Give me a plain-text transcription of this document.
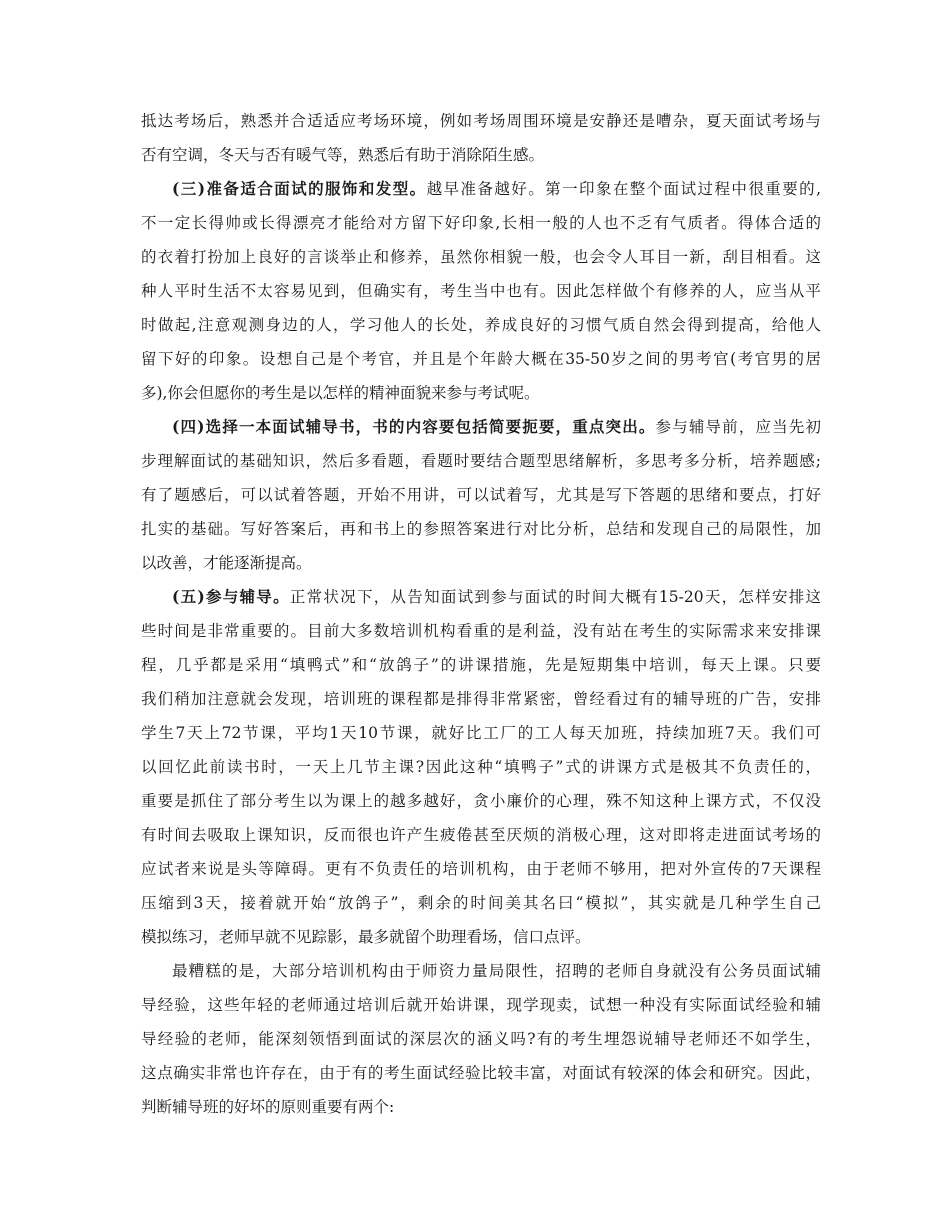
抵达考场后，熟悉并合适适应考场环境，例如考场周围环境是安静还是嘈杂，夏天面试考场与
否有空调，冬天与否有暖气等，熟悉后有助于消除陌生感。
(三)准备适合面试的服饰和发型。越早准备越好。第一印象在整个面试过程中很重要的,
不一定长得帅或长得漂亮才能给对方留下好印象,长相一般的人也不乏有气质者。得体合适的
的衣着打扮加上良好的言谈举止和修养，虽然你相貌一般，也会令人耳目一新，刮目相看。这
种人平时生活不太容易见到，但确实有，考生当中也有。因此怎样做个有修养的人，应当从平
时做起,注意观测身边的人，学习他人的长处，养成良好的习惯气质自然会得到提高，给他人
留下好的印象。设想自己是个考官，并且是个年龄大概在35-50岁之间的男考官(考官男的居
多),你会但愿你的考生是以怎样的精神面貌来参与考试呢。
(四)选择一本面试辅导书，书的内容要包括简要扼要，重点突出。参与辅导前，应当先初
步理解面试的基础知识，然后多看题，看题时要结合题型思绪解析，多思考多分析，培养题感;
有了题感后，可以试着答题，开始不用讲，可以试着写，尤其是写下答题的思绪和要点，打好
扎实的基础。写好答案后，再和书上的参照答案进行对比分析，总结和发现自己的局限性，加
以改善，才能逐渐提高。
(五)参与辅导。正常状况下，从告知面试到参与面试的时间大概有15-20天，怎样安排这
些时间是非常重要的。目前大多数培训机构看重的是利益，没有站在考生的实际需求来安排课
程，几乎都是采用“填鸭式”和“放鸽子”的讲课措施，先是短期集中培训，每天上课。只要
我们稍加注意就会发现，培训班的课程都是排得非常紧密，曾经看过有的辅导班的广告，安排
学生7天上72节课，平均1天10节课，就好比工厂的工人每天加班，持续加班7天。我们可
以回忆此前读书时，一天上几节主课?因此这种“填鸭子”式的讲课方式是极其不负责任的，
重要是抓住了部分考生以为课上的越多越好，贪小廉价的心理，殊不知这种上课方式，不仅没
有时间去吸取上课知识，反而很也许产生疲倦甚至厌烦的消极心理，这对即将走进面试考场的
应试者来说是头等障碍。更有不负责任的培训机构，由于老师不够用，把对外宣传的7天课程
压缩到3天，接着就开始“放鸽子”，剩余的时间美其名曰“模拟”，其实就是几种学生自己
模拟练习，老师早就不见踪影，最多就留个助理看场，信口点评。
最糟糕的是，大部分培训机构由于师资力量局限性，招聘的老师自身就没有公务员面试辅
导经验，这些年轻的老师通过培训后就开始讲课，现学现卖，试想一种没有实际面试经验和辅
导经验的老师，能深刻领悟到面试的深层次的涵义吗?有的考生埋怨说辅导老师还不如学生，
这点确实非常也许存在，由于有的考生面试经验比较丰富，对面试有较深的体会和研究。因此，
判断辅导班的好坏的原则重要有两个:
